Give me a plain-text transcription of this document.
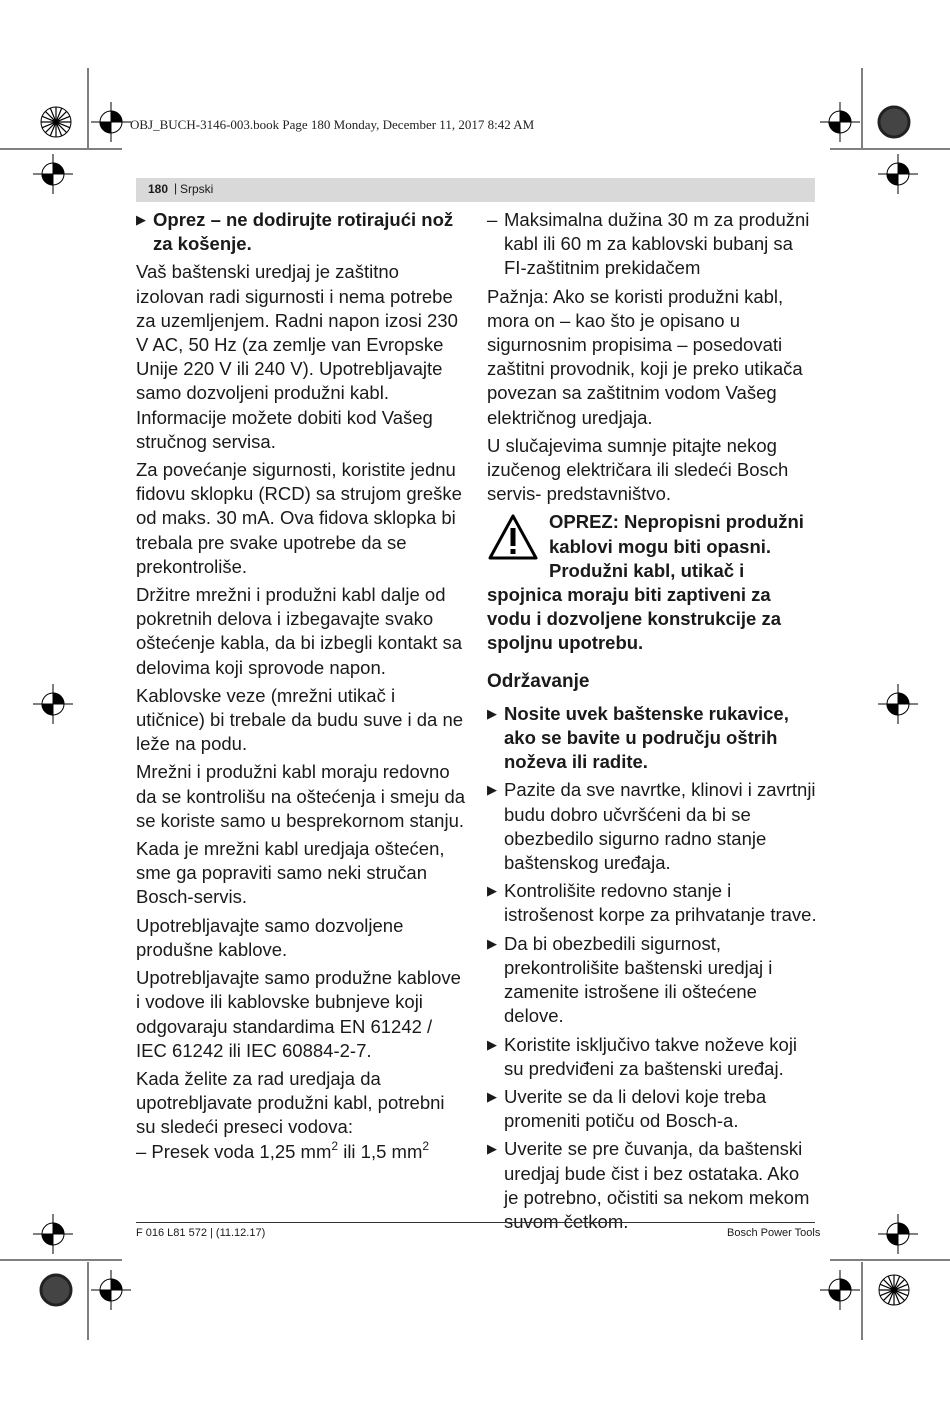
OBJ_BUCH-3146-003.book Page 180 Monday, December 11, 2017 8:42 AM
180 | Srpski
▶ Oprez – ne dodirujte rotirajući nož za košenje.

Vaš baštenski uredjaj je zaštitno izolovan radi sigurnosti i nema potrebe za uzemljenjem. Radni napon izosi 230 V AC, 50 Hz (za zemlje van Evropske Unije 220 V ili 240 V). Upotrebljavajte samo dozvoljeni produžni kabl. Informacije možete dobiti kod Vašeg stručnog servisa.

Za povećanje sigurnosti, koristite jednu fidovu sklopku (RCD) sa strujom greške od maks. 30 mA. Ova fidova sklopka bi trebala pre svake upotrebe da se prekontroliše.

Držitre mrežni i produžni kabl dalje od pokretnih delova i izbegavajte svako oštećenje kabla, da bi izbegli kontakt sa delovima koji sprovode napon.

Kablovske veze (mrežni utikač i utičnice) bi trebale da budu suve i da ne leže na podu.

Mrežni i produžni kabl moraju redovno da se kontrolišu na oštećenja i smeju da se koriste samo u besprekornom stanju.

Kada je mrežni kabl uredjaja oštećen, sme ga popraviti samo neki stručan Bosch-servis.

Upotrebljavajte samo dozvoljene produšne kablove.

Upotrebljavajte samo produžne kablove i vodove ili kablovske bubnjeve koji odgovaraju standardima EN 61242 / IEC 61242 ili IEC 60884-2-7.

Kada želite za rad uredjaja da upotrebljavate produžni kabl, potrebni su sledeći preseci vodova:

– Presek voda 1,25 $mm^2$ ili 1,5 $mm^2$

– Maksimalna dužina 30 m za produžni kabl ili 60 m za kablovski bubanj sa FI-zaštitnim prekidačem

Pažnja: Ako se koristi produžni kabl, mora on – kao što je opisano u sigurnosnim propisima – posedovati zaštitni provodnik, koji je preko utikača povezan sa zaštitnim vodom Vašeg električnog uredjaja.

U slučajevima sumnje pitajte nekog izučenog električara ili sledeći Bosch servis- predstavništvo.

OPREZ: Nepropisni produžni kablovi mogu biti opasni. Produžni kabl, utikač i spojnica moraju biti zaptiveni za vodu i dozvoljene konstrukcije za spoljnu upotrebu.
Održavanje
▶ Nosite uvek baštenske rukavice, ako se bavite u području oštrih noževa ili radite.
▶ Pazite da sve navrtke, klinovi i zavrtnji budu dobro učvršćeni da bi se obezbedilo sigurno radno stanje baštenskog uređaja.
▶ Kontrolišite redovno stanje i istrošenost korpe za prihvatanje trave.
▶ Da bi obezbedili sigurnost, prekontrolišite baštenski uredjaj i zamenite istrošene ili oštećene delove.
▶ Koristite isključivo takve noževe koji su predviđeni za baštenski uređaj.
▶ Uverite se da li delovi koje treba promeniti potiču od Bosch-a.
▶ Uverite se pre čuvanja, da baštenski uredjaj bude čist i bez ostataka. Ako je potrebno, očistiti sa nekom mekom suvom četkom.
F 016 L81 572 | (11.12.17)	Bosch Power Tools
